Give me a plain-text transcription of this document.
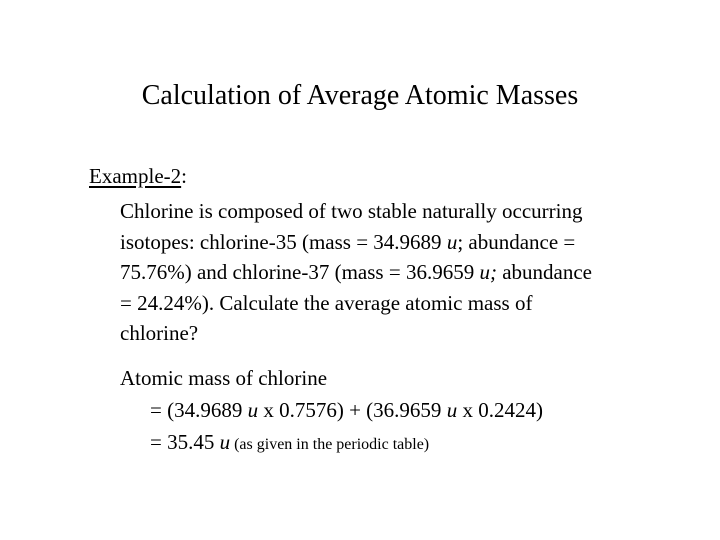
Calculation of Average Atomic Masses
Example-2:
Chlorine is composed of two stable naturally occurring
isotopes: chlorine-35 (mass = 34.9689 u; abundance =
75.76%) and chlorine-37 (mass = 36.9659 u; abundance
= 24.24%). Calculate the average atomic mass of
chlorine?
Atomic mass of chlorine
= (34.9689 u x 0.7576) + (36.9659 u x 0.2424)
= 35.45 u (as given in the periodic table)
